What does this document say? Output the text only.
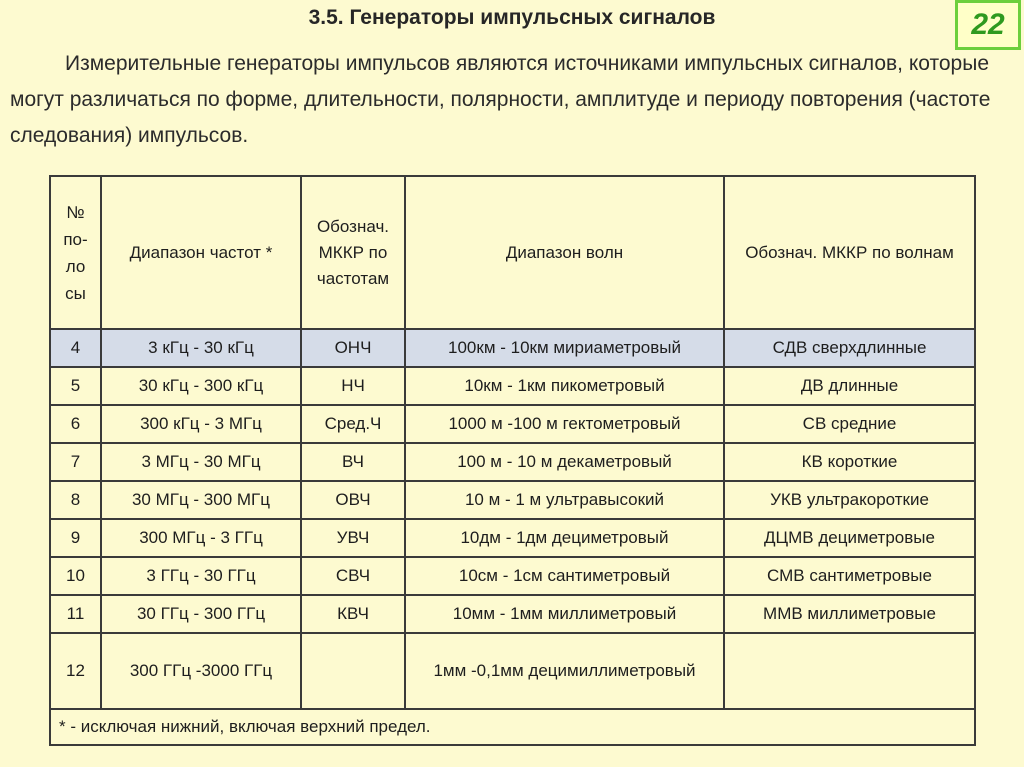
3.5. Генераторы импульсных сигналов	22

Измерительные генераторы импульсов являются источниками импульсных сигналов, которые могут различаться по форме, длительности, полярности, амплитуде и периоду повторения (частоте следования) импульсов.

№ по-ло сы	Диапазон частот *	Обознач. МККР по частотам	Диапазон волн	Обознач. МККР по волнам
4	3 кГц - 30 кГц	ОНЧ	100км - 10км мириаметровый	СДВ сверхдлинные
5	30 кГц - 300 кГц	НЧ	10км - 1км пикометровый	ДВ длинные
6	300 кГц - 3 МГц	Сред.Ч	1000 м -100 м гектометровый	СВ средние
7	3 МГц - 30 МГц	ВЧ	100 м - 10 м декаметровый	КВ короткие
8	30 МГц - 300 МГц	ОВЧ	10 м - 1 м ультравысокий	УКВ ультракороткие
9	300 МГц - 3 ГГц	УВЧ	10дм - 1дм дециметровый	ДЦМВ дециметровые
10	3 ГГц - 30 ГГц	СВЧ	10см - 1см сантиметровый	СМВ сантиметровые
11	30 ГГц - 300 ГГц	КВЧ	10мм - 1мм миллиметровый	ММВ миллиметровые
12	300 ГГц -3000 ГГц		1мм -0,1мм децимиллиметровый	
* - исключая нижний, включая верхний предел.				
